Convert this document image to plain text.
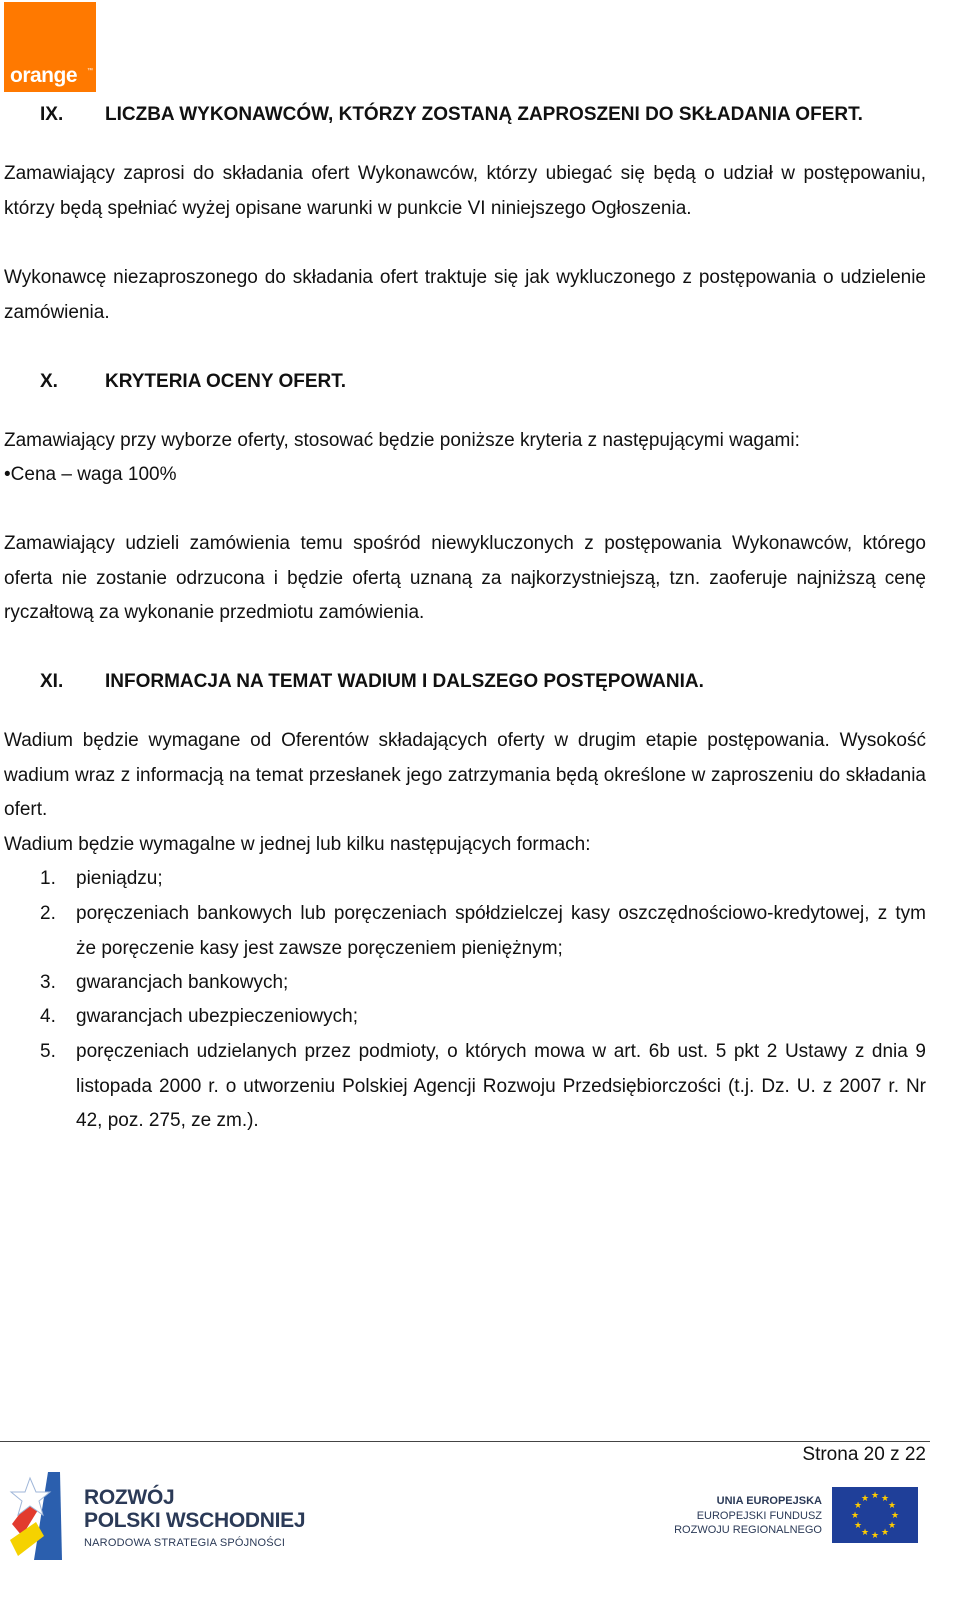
orange ™
IX. LICZBA WYKONAWCÓW, KTÓRZY ZOSTANĄ ZAPROSZENI DO SKŁADANIA OFERT.

Zamawiający zaprosi do składania ofert Wykonawców, którzy ubiegać się będą o udział w postępowaniu, którzy będą spełniać wyżej opisane warunki w punkcie VI niniejszego Ogłoszenia.

Wykonawcę niezaproszonego do składania ofert traktuje się jak wykluczonego z postępowania o udzielenie zamówienia.

X. KRYTERIA OCENY OFERT.
Zamawiający przy wyborze oferty, stosować będzie poniższe kryteria z następującymi wagami:
•Cena – waga 100%

Zamawiający udzieli zamówienia temu spośród niewykluczonych z postępowania Wykonawców, którego oferta nie zostanie odrzucona i będzie ofertą uznaną za najkorzystniejszą, tzn. zaoferuje najniższą cenę ryczałtową za wykonanie przedmiotu zamówienia.

XI. INFORMACJA NA TEMAT WADIUM I DALSZEGO POSTĘPOWANIA.

Wadium będzie wymagane od Oferentów składających oferty w drugim etapie postępowania. Wysokość wadium wraz z informacją na temat przesłanek jego zatrzymania będą określone w zaproszeniu do składania ofert.

Wadium będzie wymagalne w jednej lub kilku następujących formach:
1. pieniądzu;
2. poręczeniach bankowych lub poręczeniach spółdzielczej kasy oszczędnościowo-kredytowej, z tym że poręczenie kasy jest zawsze poręczeniem pieniężnym;
3. gwarancjach bankowych;
4. gwarancjach ubezpieczeniowych;
5. poręczeniach udzielanych przez podmioty, o których mowa w art. 6b ust. 5 pkt 2 Ustawy z dnia 9 listopada 2000 r. o utworzeniu Polskiej Agencji Rozwoju Przedsiębiorczości (t.j. Dz. U. z 2007 r. Nr 42, poz. 275, ze zm.).
Strona 20 z 22
ROZWÓJ
POLSKI WSCHODNIEJ
NARODOWA STRATEGIA SPÓJNOŚCI
UNIA EUROPEJSKA
EUROPEJSKI FUNDUSZ
ROZWOJU REGIONALNEGO
★ ★
★
★
★
★
★
★
★
★
★
★
